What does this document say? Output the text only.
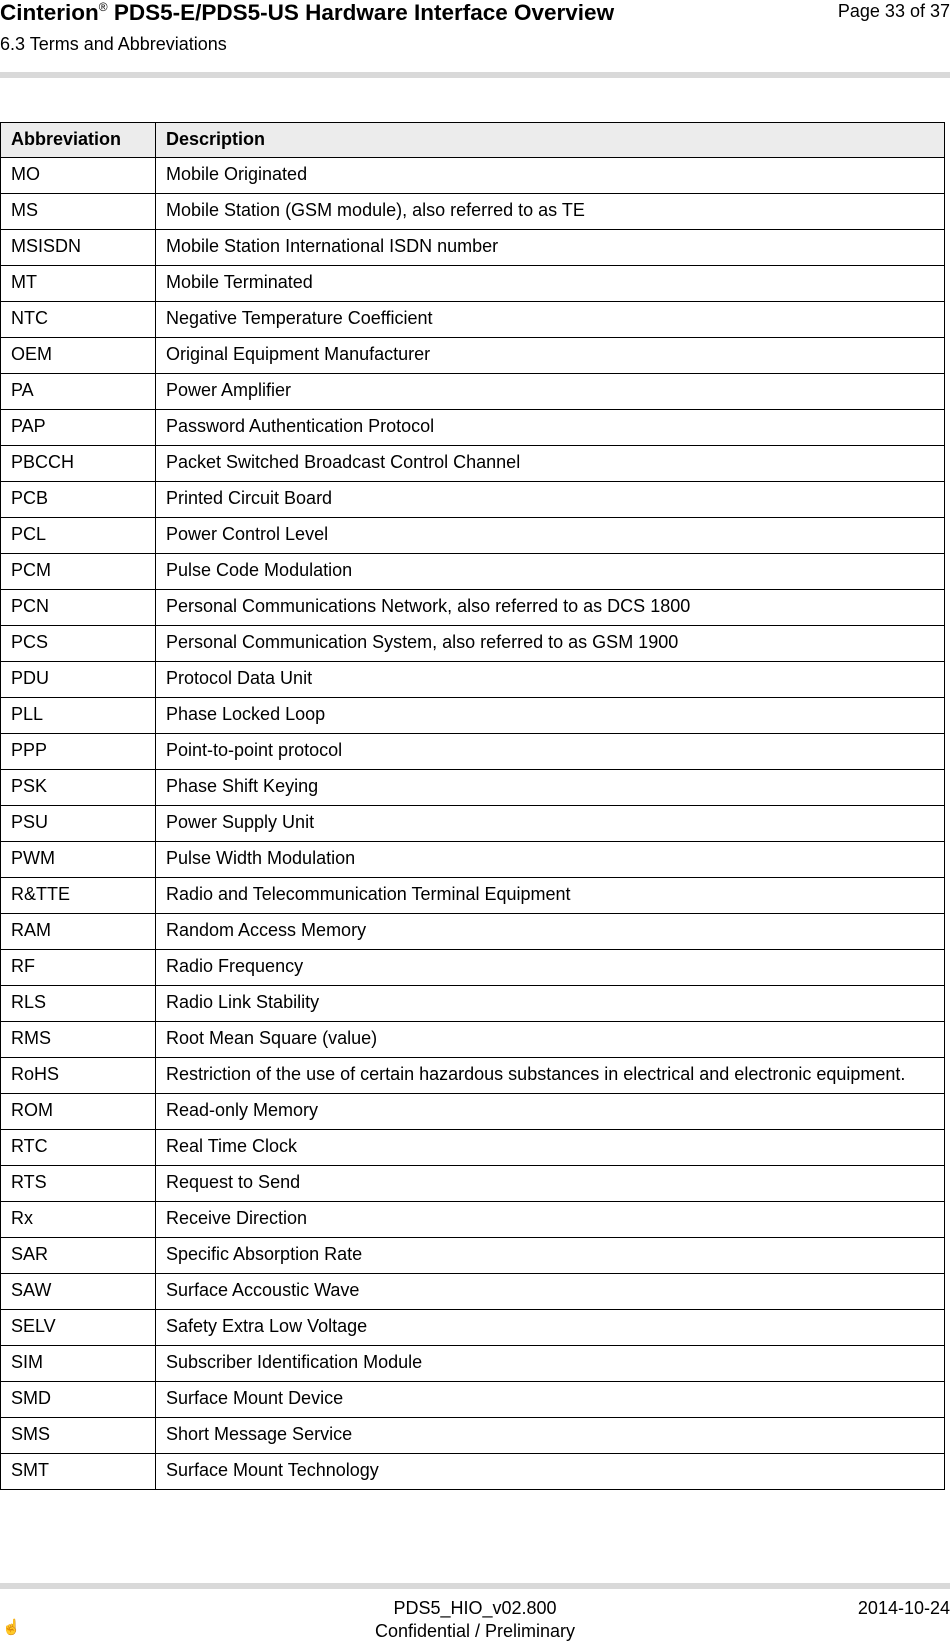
Cinterion® PDS5-E/PDS5-US Hardware Interface Overview	Page 33 of 37
6.3 Terms and Abbreviations
Abbreviation	Description
MO	Mobile Originated
MS	Mobile Station (GSM module), also referred to as TE
MSISDN	Mobile Station International ISDN number
MT	Mobile Terminated
NTC	Negative Temperature Coefficient
OEM	Original Equipment Manufacturer
PA	Power Amplifier
PAP	Password Authentication Protocol
PBCCH	Packet Switched Broadcast Control Channel
PCB	Printed Circuit Board
PCL	Power Control Level
PCM	Pulse Code Modulation
PCN	Personal Communications Network, also referred to as DCS 1800
PCS	Personal Communication System, also referred to as GSM 1900
PDU	Protocol Data Unit
PLL	Phase Locked Loop
PPP	Point-to-point protocol
PSK	Phase Shift Keying
PSU	Power Supply Unit
PWM	Pulse Width Modulation
R&TTE	Radio and Telecommunication Terminal Equipment
RAM	Random Access Memory
RF	Radio Frequency
RLS	Radio Link Stability
RMS	Root Mean Square (value)
RoHS	Restriction of the use of certain hazardous substances in electrical and electronic equipment.
ROM	Read-only Memory
RTC	Real Time Clock
RTS	Request to Send
Rx	Receive Direction
SAR	Specific Absorption Rate
SAW	Surface Accoustic Wave
SELV	Safety Extra Low Voltage
SIM	Subscriber Identification Module
SMD	Surface Mount Device
SMS	Short Message Service
SMT	Surface Mount Technology
☝
PDS5_HIO_v02.800
Confidential / Preliminary
2014-10-24
